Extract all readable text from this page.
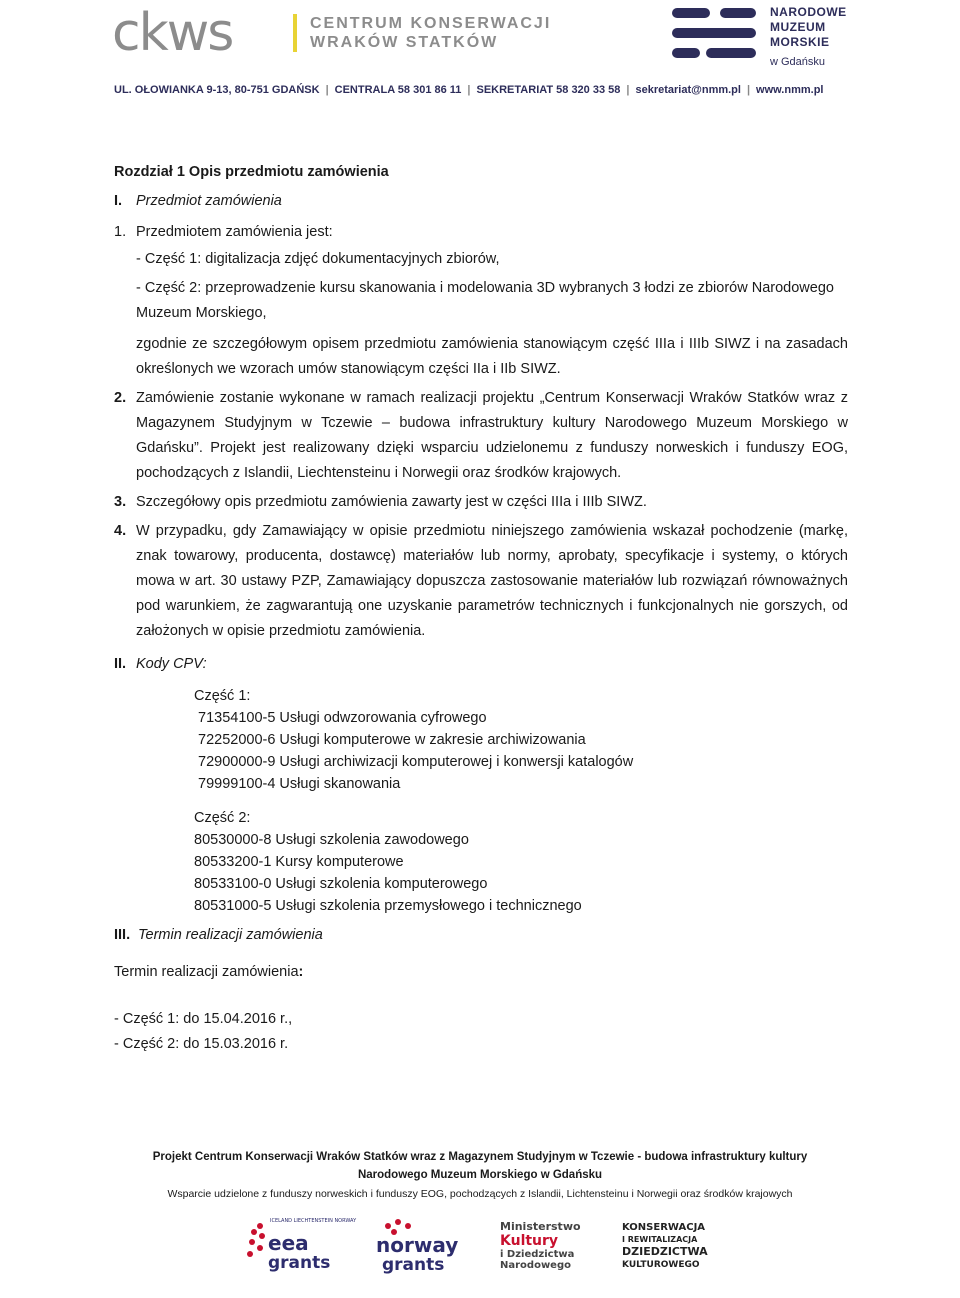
ckws	CENTRUM KONSERWACJI
WRAKÓW STATKÓW
NARODOWE
MUZEUM
MORSKIE
w Gdańsku
UL. OŁOWIANKA 9-13, 80-751 GDAŃSK | CENTRALA 58 301 86 11 | SEKRETARIAT 58 320 33 58 | sekretariat@nmm.pl | www.nmm.pl
Rozdział 1 Opis przedmiotu zamówienia
I. Przedmiot zamówienia
1. Przedmiotem zamówienia jest:
- Część 1: digitalizacja zdjęć dokumentacyjnych zbiorów,
- Część 2: przeprowadzenie kursu skanowania i modelowania 3D wybranych 3 łodzi ze zbiorów Narodowego Muzeum Morskiego,
zgodnie ze szczegółowym opisem przedmiotu zamówienia stanowiącym część IIIa i IIIb SIWZ i na zasadach określonych we wzorach umów stanowiącym części IIa i IIb SIWZ.
2. Zamówienie zostanie wykonane w ramach realizacji projektu „Centrum Konserwacji Wraków Statków wraz z Magazynem Studyjnym w Tczewie – budowa infrastruktury kultury Narodowego Muzeum Morskiego w Gdańsku”. Projekt jest realizowany dzięki wsparciu udzielonemu z funduszy norweskich i funduszy EOG, pochodzących z Islandii, Liechtensteinu i Norwegii oraz środków krajowych.
3. Szczegółowy opis przedmiotu zamówienia zawarty jest w części IIIa i IIIb SIWZ.
4. W przypadku, gdy Zamawiający w opisie przedmiotu niniejszego zamówienia wskazał pochodzenie (markę, znak towarowy, producenta, dostawcę) materiałów lub normy, aprobaty, specyfikacje i systemy, o których mowa w art. 30 ustawy PZP, Zamawiający dopuszcza zastosowanie materiałów lub rozwiązań równoważnych pod warunkiem, że zagwarantują one uzyskanie parametrów technicznych i funkcjonalnych nie gorszych, od założonych w opisie przedmiotu zamówienia.
II. Kody CPV:
Część 1:
71354100-5 Usługi odwzorowania cyfrowego
72252000-6 Usługi komputerowe w zakresie archiwizowania
72900000-9 Usługi archiwizacji komputerowej i konwersji katalogów
79999100-4 Usługi skanowania
Część 2:
80530000-8 Usługi szkolenia zawodowego
80533200-1 Kursy komputerowe
80533100-0 Usługi szkolenia komputerowego
80531000-5 Usługi szkolenia przemysłowego i technicznego
III. Termin realizacji zamówienia
Termin realizacji zamówienia:
- Część 1: do 15.04.2016 r.,
- Część 2: do 15.03.2016 r.
Projekt Centrum Konserwacji Wraków Statków wraz z Magazynem Studyjnym w Tczewie - budowa infrastruktury kultury
Narodowego Muzeum Morskiego w Gdańsku
Wsparcie udzielone z funduszy norweskich i funduszy EOG, pochodzących z Islandii, Lichtensteinu i Norwegii oraz środków krajowych
ICELAND LIECHTENSTEIN NORWAY
eea
grants
norway
grants
Ministerstwo
Kultury
i Dziedzictwa
Narodowego
KONSERWACJA
I REWITALIZACJA
DZIEDZICTWA
KULTUROWEGO
